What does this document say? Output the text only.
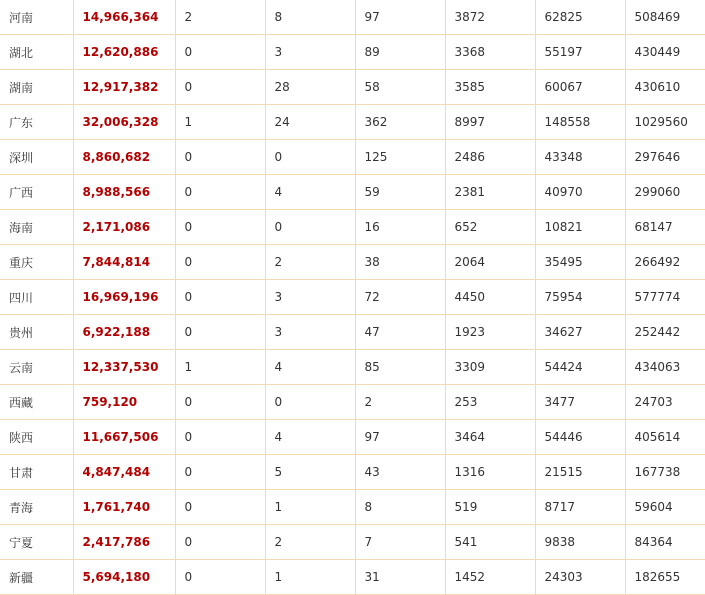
河南	14,966,364	2	8	97	3872	62825	508469
湖北	12,620,886	0	3	89	3368	55197	430449
湖南	12,917,382	0	28	58	3585	60067	430610
广东	32,006,328	1	24	362	8997	148558	1029560
深圳	8,860,682	0	0	125	2486	43348	297646
广西	8,988,566	0	4	59	2381	40970	299060
海南	2,171,086	0	0	16	652	10821	68147
重庆	7,844,814	0	2	38	2064	35495	266492
四川	16,969,196	0	3	72	4450	75954	577774
贵州	6,922,188	0	3	47	1923	34627	252442
云南	12,337,530	1	4	85	3309	54424	434063
西藏	759,120	0	0	2	253	3477	24703
陕西	11,667,506	0	4	97	3464	54446	405614
甘肃	4,847,484	0	5	43	1316	21515	167738
青海	1,761,740	0	1	8	519	8717	59604
宁夏	2,417,786	0	2	7	541	9838	84364
新疆	5,694,180	0	1	31	1452	24303	182655
